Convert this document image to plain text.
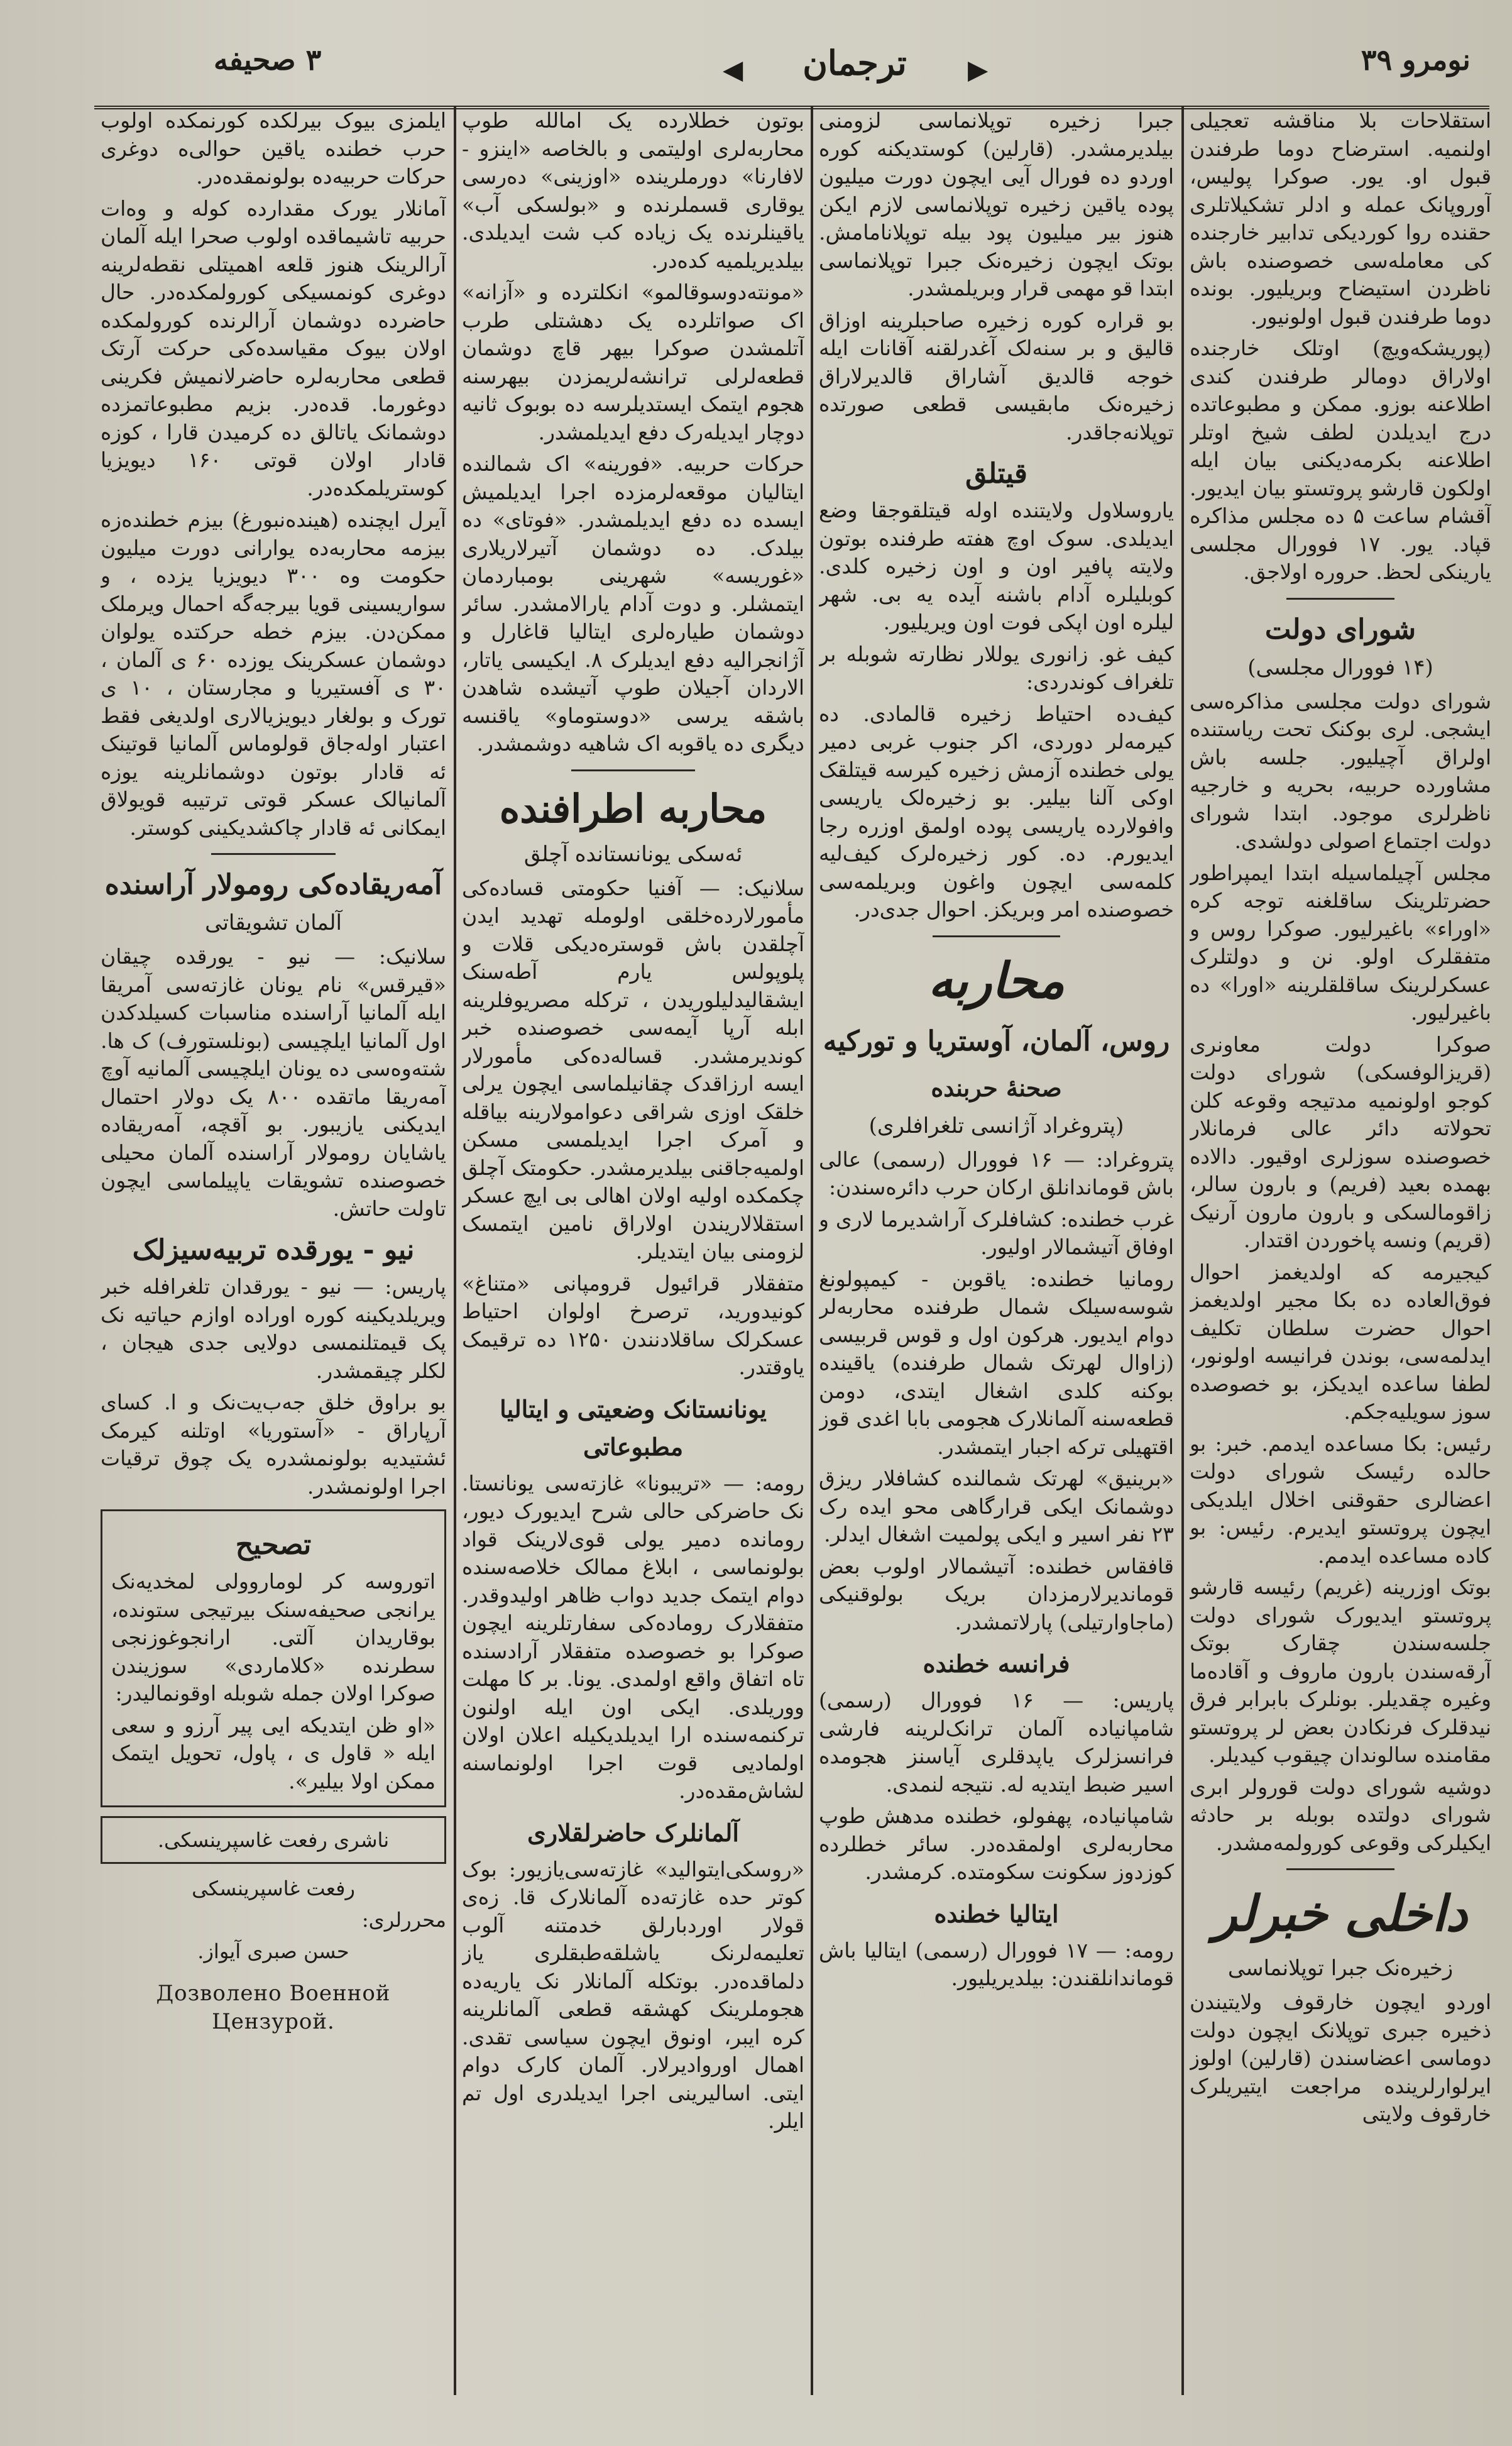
۳ صحیفه	◀	ترجمان	▶	نومرو ۳۹

استقلاحات بلا مناقشه تعجیلی اولنمیه. استرضاح دوما طرفندن قبول او. یور. صوکرا پولیس، آوروپانک عمله و ادلر تشکیلاتلری حقنده روا کوردیکی تدابیر خارجنده کی معامله‌سی خصوصنده باش ناظردن استیضاح وبریلیور. بونده دوما طرفندن قبول اولونیور.

(پوریشکه‌ویچ) اوتلک خارجنده اولاراق دومالر طرفندن کندی اطلاعنه بوزو. ممکن و مطبوعاتده درج ایدیلدن لطف شیخ اوتلر اطلاعنه بکرمه‌دیکنی بیان ایله اولکون قارشو پروتستو بیان ایدیور. آقشام ساعت ۵ ده مجلس مذاکره قپاد. یور. ۱۷ فوورال مجلسی یارینکی لحظ. حروره اولاجق.

شورای دولت
(۱۴ فوورال مجلسی)

شورای دولت مجلسی مذاکره‌سی ایشجی. لری بوکنک تحت ریاستنده اولراق آچیلیور. جلسه باش مشاورده حربیه، بحریه و خارجیه ناظرلری موجود. ابتدا شورای دولت اجتماع اصولی دولشدی.

مجلس آچیلماسیله ابتدا ایمپراطور حضرتلرینک ساقلغنه توجه کره «اوراء» باغیرلیور. صوکرا روس و متفقلرک اولو. نن و دولتلرک عسکرلرینک ساقلقلرینه «اورا» ده باغیرلیور.

صوکرا دولت معاونری (قریزالوفسکی) شورای دولت کوجو اولونمیه مدتیجه وقوعه کلن تحولاته دائر عالی فرمانلار خصوصنده سوزلری اوقیور. دالاده بهمده بعید (فریم) و بارون سالر، زاقومالسکی و بارون مارون آرنیک (قریم) ونسه پاخوردن اقتدار.

کیجیرمه که اولدیغمز احوال فوق‌العاده ده بکا مجیر اولدیغمز احوال حضرت سلطان تکلیف ایدلمه‌سی، بوندن فرانیسه اولونور، لطفا ساعده ایدیکز، بو خصوصده سوز سویلیه‌جکم.

رئیس: بکا مساعده ایدمم. خبر: بو حالده رئیسک شورای دولت اعضالری حقوقنی اخلال ایلدیکی ایچون پروتستو ایدیرم. رئیس: بو کاده مساعده ایدمم.

بوتک اوزرینه (غریم) رئیسه قارشو پروتستو ایدیورک شورای دولت جلسه‌سندن چقارک بوتک آرقه‌سندن بارون ماروف و آقاده‌ما وغیره چقدیلر. بونلرک بابرابر فرق نیدقلرک فرنکادن بعض لر پروتستو مقامنده سالوندان چیقوب کیدیلر.

دوشیه شورای دولت قورولر ابری شورای دولتده بوبله بر حادثه ایکیلرکی وقوعی کورولمه‌مشدر.

داخلی خبرلر
زخیره‌نک جبرا توپلانماسی

اوردو ایچون خارقوف ولایتیندن ذخیره جبری توپلانک ایچون دولت دوماسی اعضاسندن (قارلین) اولوز ایرلوارلرینده مراجعت ایتیریلرک خارقوف ولایتی

جبرا زخیره توپلانماسی لزومنی بیلدیرمشدر. (قارلین) کوستدیکنه کوره اوردو ده فورال آیی ایچون دورت میلیون پوده یاقین زخیره توپلانماسی لازم ایکن هنوز بیر میلیون پود بیله توپلانامامش. بوتک ایچون زخیره‌نک جبرا توپلانماسی ابتدا قو مهمی قرار وبریلمشدر.

بو قراره کوره زخیره صاحبلرینه اوزاق قالیق و بر سنه‌لک آغدرلقنه آقانات ایله خوجه قالدیق آشاراق قالدیرلاراق زخیره‌نک مابقیسی قطعی صورتده توپلانه‌جاقدر.

قیتلق

یاروسلاول ولایتنده اوله قیتلقوجقا وضع ایدیلدی. سوک اوچ هفته طرفنده بوتون ولایته پافیر اون و اون زخیره کلدی. کوبلیلره آدام باشنه آیده یه بی. شهر لیلره اون اپکی فوت اون ویریلیور.

کیف غو. زانوری یوللار نظارته شوبله بر تلغراف کوندردی:

کیف‌ده احتیاط زخیره قالمادی. ده کیرمه‌لر دوردی، اکر جنوب غربی دمیر یولی خطنده آزمش زخیره کیرسه قیتلقک اوکی آلنا بیلیر. بو زخیره‌لک یاریسی وافولارده یاریسی پوده اولمق اوزره رجا ایدیورم. ده. کور زخیره‌لرک کیف‌لیه کلمه‌سی ایچون واغون وبریلمه‌سی خصوصنده امر وبریکز. احوال جدی‌در.

محاربه
روس، آلمان، آوستریا و تورکیه
صحنهٔ حربنده
(پتروغراد آژانسی تلغرافلری)

پتروغراد: — ۱۶ فوورال (رسمی) عالی باش قوماندانلق ارکان حرب دائره‌سندن:

غرب خطنده: کشافلرک آراشدیرما لاری و اوفاق آتیشمالار اولیور.

رومانیا خطنده: یاقوبن - کیمپولونغ شوسه‌سیلک شمال طرفنده محاربه‌لر دوام ایدیور. هرکون اول و قوس قربیسی (زاوال لهرتک شمال طرفنده) یاقینده بوکنه کلدی اشغال ایتدی، دومن قطعه‌سنه آلمانلارک هجومی بابا اغدی قوز اقتهیلی ترکه اجبار ایتمشدر.

«برینیق» لهرتک شمالنده کشافلار ریزق دوشمانک ایکی قرارگاهی محو ایده رک ۲۳ نفر اسیر و ایکی پولمیت اشغال ایدلر.

قافقاس خطنده: آتیشمالار اولوب بعض قوماندیرلارمزدان بریک بولوقنیکی (ماجاوارتیلی) پارلاتمشدر.

فرانسه خطنده

پاریس: — ۱۶ فوورال (رسمی) شامپانیاده آلمان ترانک‌لرینه فارشی فرانسزلرک یاپدقلری آیاسنز هجومده اسیر ضبط ایتدیه له. نتیجه لنمدی.

شامپانیاده، پهفولو، خطنده مدهش طوپ محاربه‌لری اولمقده‌در. سائر خطلرده کوزدوز سکونت سکومتده. کرمشدر.

ایتالیا خطنده

رومه: — ۱۷ فوورال (رسمی) ایتالیا باش قوماندانلقندن: بیلدیریلیور.

بوتون خطلارده یک امالله طوپ محاربه‌لری اولیتمی و بالخاصه «اینزو - لافارنا» دورملرینده «اوزینی» ده‌رسی یوقاری قسملرنده و «بولسکی آب» یاقینلرنده یک زیاده کب شت ایدیلدی. بیلدیریلمیه کده‌در.

«مونته‌دوسوقالمو» انکلترده و «آزانه» اک صواتلرده یک دهشتلی طرب آتلمشدن صوکرا بیهر قاچ دوشمان قطعه‌لرلی ترانشه‌لریمزدن بیهرسنه هجوم ایتمک ایستدیلرسه ده بوبوک ثانیه دوچار ایدیله‌رک دفع ایدیلمشدر.

حرکات حربیه. «فورینه» اک شمالنده ایتالیان موقعه‌لرمزده اجرا ایدیلمیش ایسده ده دفع ایدیلمشدر. «فوتای» ده بیلدک. ده دوشمان آتیرلاریلاری «غوریسه» شهرینی بومباردمان ایتمشلر. و دوت آدام یارالامشدر. سائر دوشمان طیاره‌لری ایتالیا قاغارل و آژانجرالیه دفع ایدیلرک ۸. ایکیسی یاتار، الاردان آجیلان طوپ آتیشده شاهدن باشقه یرسی «دوستوماو» یاقنسه دیگری ده یاقوبه اک شاهیه دوشمشدر.

محاربه اطرافنده
ئه‌سکی یونانستانده آچلق

سلانیک: — آفنیا حکومتی قساده‌کی مأمورلارده‌خلقی اولو‌مله تهدید ایدن آچلقدن باش قوستره‌دیکی قلات و پلوپولس یارم آطه‌سنک ایشقالیدلیلوریدن ، ترکله مصریوفلرینه ابله آرپا آیمه‌سی خصوصنده خبر کوندیرمشدر. قساله‌ده‌کی مأمورلار ایسه ارزاقدک چقانیلماسی ایچون یرلی خلقک اوزی شراقی دعوامولارینه بیاقله و آمرک اجرا ایدیلمسی مسکن اولمیه‌جاقنی بیلدیرمشدر. حکومتک آچلق چکمکده اولیه اولان اهالی بی ایچ عسکر استقلالاریندن اولاراق نامین ایتمسک لزومنی بیان ایتدیلر.

متفقلار قرائیول قرومپانی «متناغ» کونیدورید، ترصرخ اولوان احتیاط عسکرلک ساقلادنندن ۱۲۵۰ ده ترقیمک یاوقتدر.

یونانستانک وضعیتی و ایتالیا مطبوعاتی

رومه: — «تریبونا» غازته‌سی یونانستا. نک حاضرکی حالی شرح ایدیورک دیور، رومانده دمیر یولی قوی‌لارینک قواد بولونماسی ، ابلاغ ممالک خلاصه‌سنده دوام ایتمک جدید دواب ظاهر اولیدوقدر. متفقلارک روماده‌کی سفارتلرینه ایچون صوکرا بو خصوصده متفقلار آرادسنده تاه اتفاق واقع اولمدی. یونا. بر کا مهلت ووریلدی. ایکی اون ایله اولنون ترکنمه‌سنده ارا ایدیلدیکیله اعلان اولان اولمادیی قوت اجرا اولونماسنه لشاش‌مقده‌در.

آلمانلرک حاضرلقلاری

«روسکی‌ایتوالید» غازته‌سی‌یازیور: بوک کوتر حده غازته‌ده آلمانلارک قا. زه‌ی قولار اوردبارلق خدمتنه آلوب تعلیمه‌لرنک یاشلقه‌طبقلری یاز دلماقده‌در. بوتکله آلمانلار نک یاریه‌ده هجوملرینک کهشقه قطعی آلمانلرینه کره ایبر، اونوق ایچون سیاسی تقدی. اهمال اوروادیرلار. آلمان کارک دوام ایتی. اسالیرینی اجرا ایدیلدری اول تم ایلر.

ایلمزی بیوک بیرلکده کورنمکده اولوب حرب خطنده یاقین حوالی‌ه دوغری حرکات حربیه‌ده بولونمقده‌در.

آمانلار یورک مقدارده کوله و وه‌ات حربیه تاشیماقده اولوب صحرا ایله آلمان آرالرینک هنوز قلعه اهمیتلی نقطه‌لرینه دوغری کونمسیکی کورولمکده‌در. حال حاضرده دوشمان آرالرنده کورولمکده اولان بیوک مقیاسده‌کی حرکت آرتک قطعی محاربه‌لره حاضرلانمیش فکرینی دوغورما. قده‌در. بزیم مطبوعاتمزده دوشمانک یاتالق ده کرمیدن قارا ، کوزه قادار اولان قوتی ۱۶۰ دیویزیا کوستریلمکده‌در.

آیرل ایچنده (هینده‌نبورغ) بیزم خطنده‌زه بیزمه محاربه‌ده یوارانی دورت میلیون حکومت وه ۳۰۰ دیویزیا یزده ، و سواریسینی قویا بیرجه‌گه احمال ویرملک ممکن‌دن. بیزم خطه حرکتده یولوان دوشمان عسکرینک یوزده ۶۰ ی آلمان ، ۳۰ ی آفستیریا و مجارستان ، ۱۰ ی تورک و بولغار دیویزیالاری اولدیغی فقط اعتبار اوله‌جاق قولوماس آلمانیا قوتینک ئه قادار بوتون دوشمانلرینه یوزه آلمانیالک عسکر قوتی ترتیبه قویولاق ایمکانی ئه قادار چاکشدیکینی کوستر.

آمه‌ریقاده‌کی رومولار آراسنده
آلمان تشویقاتی

سلانیک: — نیو - یورقده چیقان «قیرقس» نام یونان غازته‌سی آمریقا ایله آلمانیا آراسنده مناسبات کسیلدکدن اول آلمانیا ایلچیسی (بونلستورف) ک ها. شته‌وه‌سی ده یونان ایلچیسی آلمانیه آوچ آمه‌ریقا ماتقده ۸۰۰ یک دولار احتمال ایدیکنی یازیبور. بو آقچه، آمه‌ریقاده یاشایان رومولار آراسنده آلمان محیلی خصوصنده تشویقات یاپیلماسی ایچون تاولت حاتش.

نیو - یورقده تربیه‌سیزلک

پاریس: — نیو - یورقدان تلغرافله خبر ویریلدیکینه کوره اوراده اوازم حیاتیه نک پک قیمتلنمسی دولایی جدی هیجان ، لکلر چیقمشدر.

بو براوق خلق جه‌ب‌یت‌نک و ا. کسای آرپاراق - «آستوریا» اوتلنه کیرمک ئشتیدیه بولونمشدره یک چوق ترقیات اجرا اولونمشدر.

تصحیح

اتوروسه کر لوماروولی لمخدیه‌نک یرانجی صحیفه‌سنک بیرتیجی ستونده، بوقاریدان آلتی. ارانجوغوزنجی سطرنده «کلاماردی» سوزیندن صوکرا اولان جمله شوبله اوقونمالیدر:

«او ظن ایتدیکه ایی پیر آرزو و سعی ایله « قاول ی ، پاول، تحویل ایتمک ممکن اولا بیلیر».

ناشری رفعت غاسپرینسکی.
رفعت غاسپرینسکی
محررلری:
حسن صبری آیواز.
Дозволено Военной Цензурой.
